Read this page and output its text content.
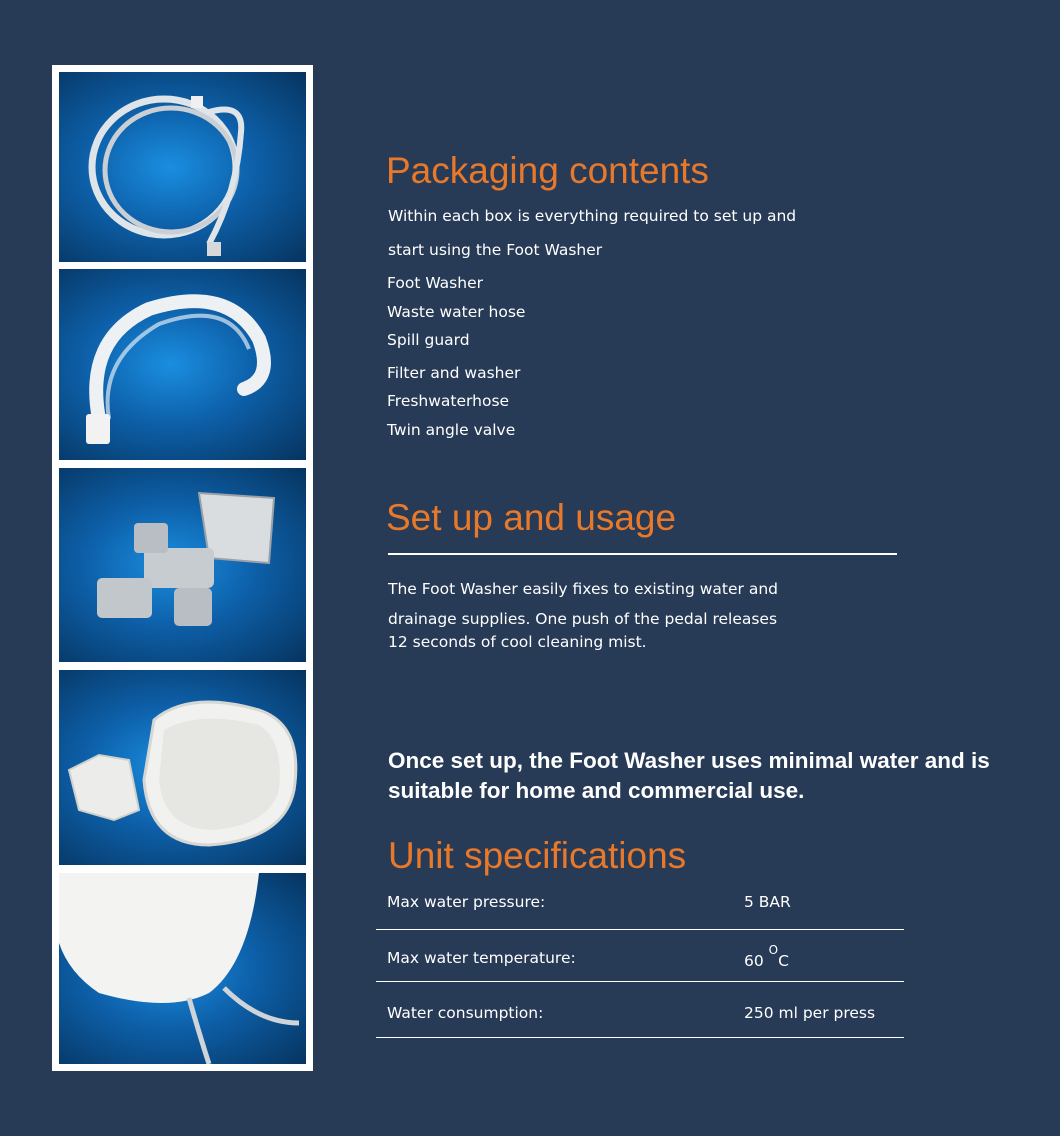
Packaging contents

Within each box is everything required to set up and

start using the Foot Washer

Foot Washer
Waste water hose
Spill guard
Filter and washer
Freshwaterhose
Twin angle valve
Set up and usage

The Foot Washer easily fixes to existing water and

drainage supplies. One push of the pedal releases

12 seconds of cool cleaning mist.

Once set up, the Foot Washer uses minimal water and is suitable for home and commercial use.

Unit specifications
Max water pressure:	5 BAR
Max water temperature:	60 $^O$C
Water consumption:	250 ml per press
